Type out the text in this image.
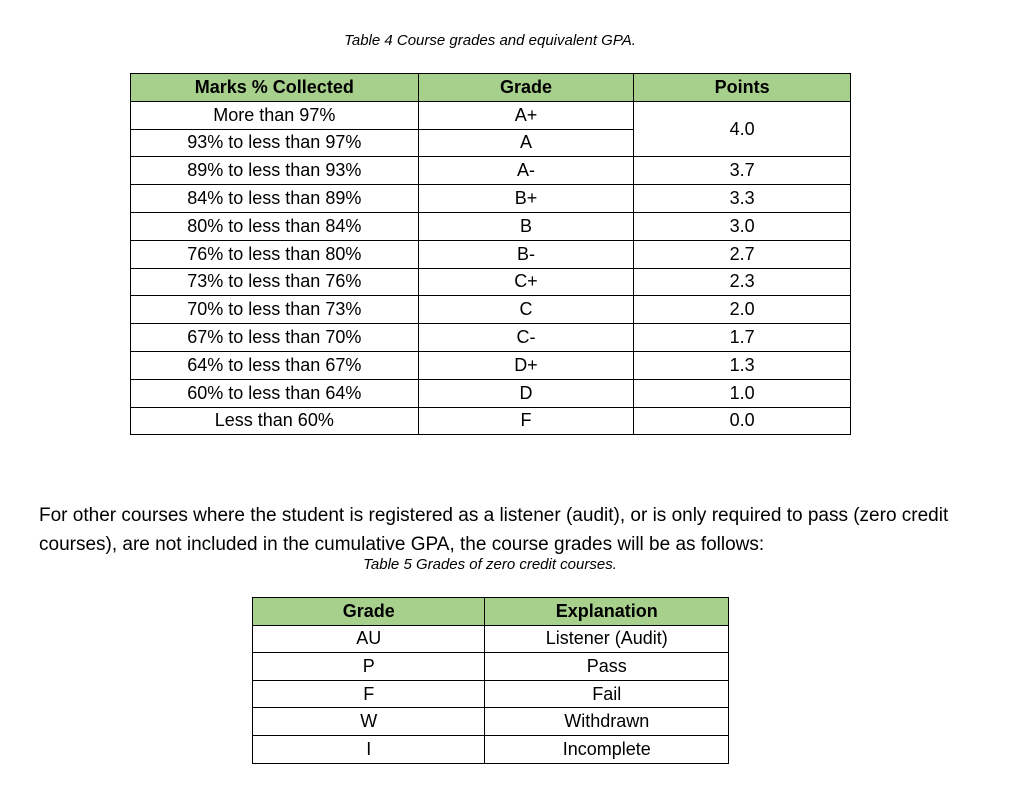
Table 4 Course grades and equivalent GPA.
Marks % Collected	Grade	Points
More than 97%	A+	4.0
93% to less than 97%	A	
89% to less than 93%	A-	3.7
84% to less than 89%	B+	3.3
80% to less than 84%	B	3.0
76% to less than 80%	B-	2.7
73% to less than 76%	C+	2.3
70% to less than 73%	C	2.0
67% to less than 70%	C-	1.7
64% to less than 67%	D+	1.3
60% to less than 64%	D	1.0
Less than 60%	F	0.0

For other courses where the student is registered as a listener (audit), or is only required to pass (zero credit courses), are not included in the cumulative GPA, the course grades will be as follows:

Table 5 Grades of zero credit courses.
Grade	Explanation
AU	Listener (Audit)
P	Pass
F	Fail
W	Withdrawn
I	Incomplete
